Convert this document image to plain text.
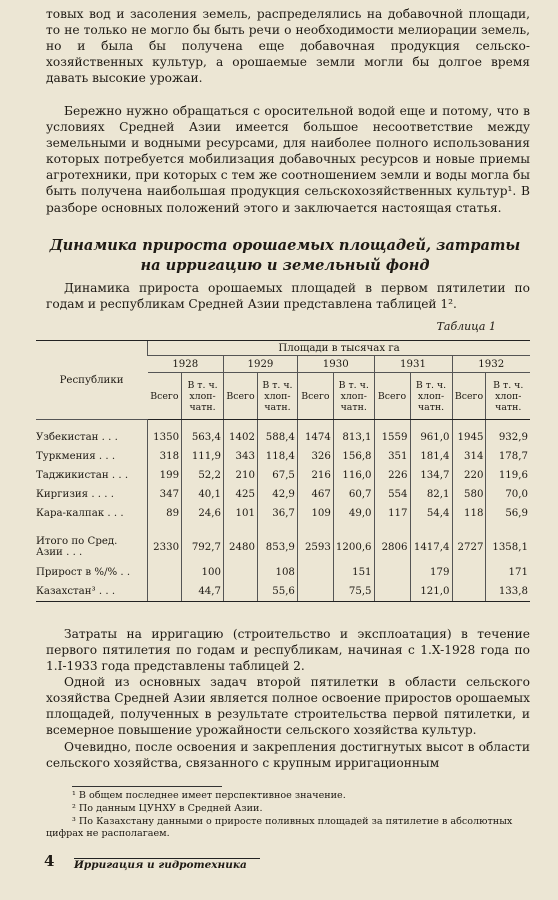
товых вод и засоления земель, распределялись на добавочной площади, то не только не могло бы быть речи о необходимости мелиорации земель, но и была бы получена еще добавочная продукция сельско-хозяйственных культур, а орошаемые земли могли бы долгое время давать высокие урожаи.

Бережно нужно обращаться с оросительной водой еще и потому, что в условиях Средней Азии имеется большое несоответствие между земельными и водными ресурсами, для наиболее полного использования которых потребуется мобилизация добавочных ресурсов и новые приемы агротехники, при которых с тем же соотношением земли и воды могла бы быть получена наибольшая продукция сельскохозяйственных культур¹. В разборе основных положений этого и заключается настоящая статья.

Динамика прироста орошаемых площадей, затраты на ирригацию и земельный фонд

Динамика прироста орошаемых площадей в первом пятилетии по годам и республикам Средней Азии представлена таблицей 1².

Таблица 1
Республики	Площади в тысячах га									
	1928		1929		1930		1931		1932	
	Всего	В т. ч. хлоп-чатн.	Всего	В т. ч. хлоп-чатн.	Всего	В т. ч. хлоп-чатн.	Всего	В т. ч. хлоп-чатн.	Всего	В т. ч. хлоп-чатн.

Узбекистан . . .	1350	563,4	1402	588,4	1474	813,1	1559	961,0	1945	932,9
Туркмения . . .	318	111,9	343	118,4	326	156,8	351	181,4	314	178,7
Таджикистан . . .	199	52,2	210	67,5	216	116,0	226	134,7	220	119,6
Киргизия . . . .	347	40,1	425	42,9	467	60,7	554	82,1	580	70,0
Кара-калпак . . .	89	24,6	101	36,7	109	49,0	117	54,4	118	56,9

Итого по Сред. Азии . . .	2330	792,7	2480	853,9	2593	1200,6	2806	1417,4	2727	1358,1
Прирост в %/% . .		100		108		151		179		171
Казахстан³ . . .		44,7		55,6		75,5		121,0		133,8

Затраты на ирригацию (строительство и эксплоатация) в течение первого пятилетия по годам и республикам, начиная с 1.X-1928 года по 1.I-1933 года представлены таблицей 2.

Одной из основных задач второй пятилетки в области сельского хозяйства Средней Азии является полное освоение приростов орошаемых площадей, полученных в результате строительства первой пятилетки, и всемерное повышение урожайности сельского хозяйства культур.

Очевидно, после освоения и закрепления достигнутых высот в области сельского хозяйства, связанного с крупным ирригационным

¹ В общем последнее имеет перспективное значение.

² По данным ЦУНХУ в Средней Азии.

³ По Казахстану данными о приросте поливных площадей за пятилетие в абсолютных цифрах не располагаем.

4 Ирригация и гидротехника
